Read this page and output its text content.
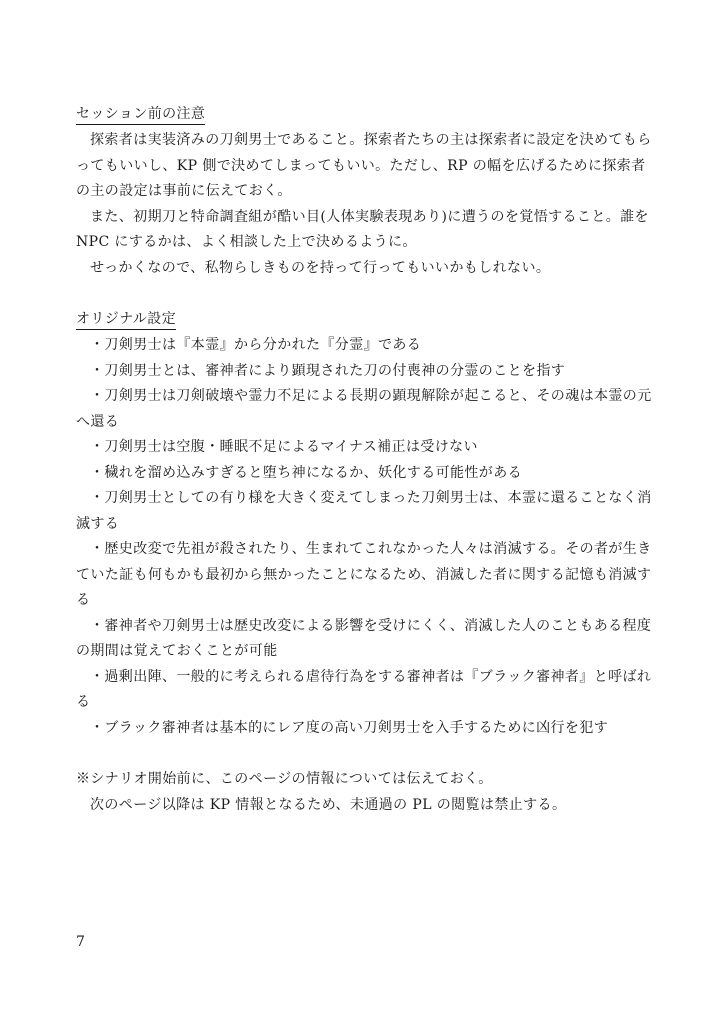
セッション前の注意

探索者は実装済みの刀剣男士であること。探索者たちの主は探索者に設定を決めてもらってもいいし、KP 側で決めてしまってもいい。ただし、RP の幅を広げるために探索者の主の設定は事前に伝えておく。

また、初期刀と特命調査組が酷い目(人体実験表現あり)に遭うのを覚悟すること。誰を NPC にするかは、よく相談した上で決めるように。

せっかくなので、私物らしきものを持って行ってもいいかもしれない。

オリジナル設定

・刀剣男士は『本霊』から分かれた『分霊』である

・刀剣男士とは、審神者により顕現された刀の付喪神の分霊のことを指す

・刀剣男士は刀剣破壊や霊力不足による長期の顕現解除が起こると、その魂は本霊の元へ還る

・刀剣男士は空腹・睡眠不足によるマイナス補正は受けない

・穢れを溜め込みすぎると堕ち神になるか、妖化する可能性がある

・刀剣男士としての有り様を大きく変えてしまった刀剣男士は、本霊に還ることなく消滅する

・歴史改変で先祖が殺されたり、生まれてこれなかった人々は消滅する。その者が生きていた証も何もかも最初から無かったことになるため、消滅した者に関する記憶も消滅する

・審神者や刀剣男士は歴史改変による影響を受けにくく、消滅した人のこともある程度の期間は覚えておくことが可能

・過剰出陣、一般的に考えられる虐待行為をする審神者は『ブラック審神者』と呼ばれる

・ブラック審神者は基本的にレア度の高い刀剣男士を入手するために凶行を犯す

※シナリオ開始前に、このページの情報については伝えておく。

次のページ以降は KP 情報となるため、未通過の PL の閲覧は禁止する。

7
